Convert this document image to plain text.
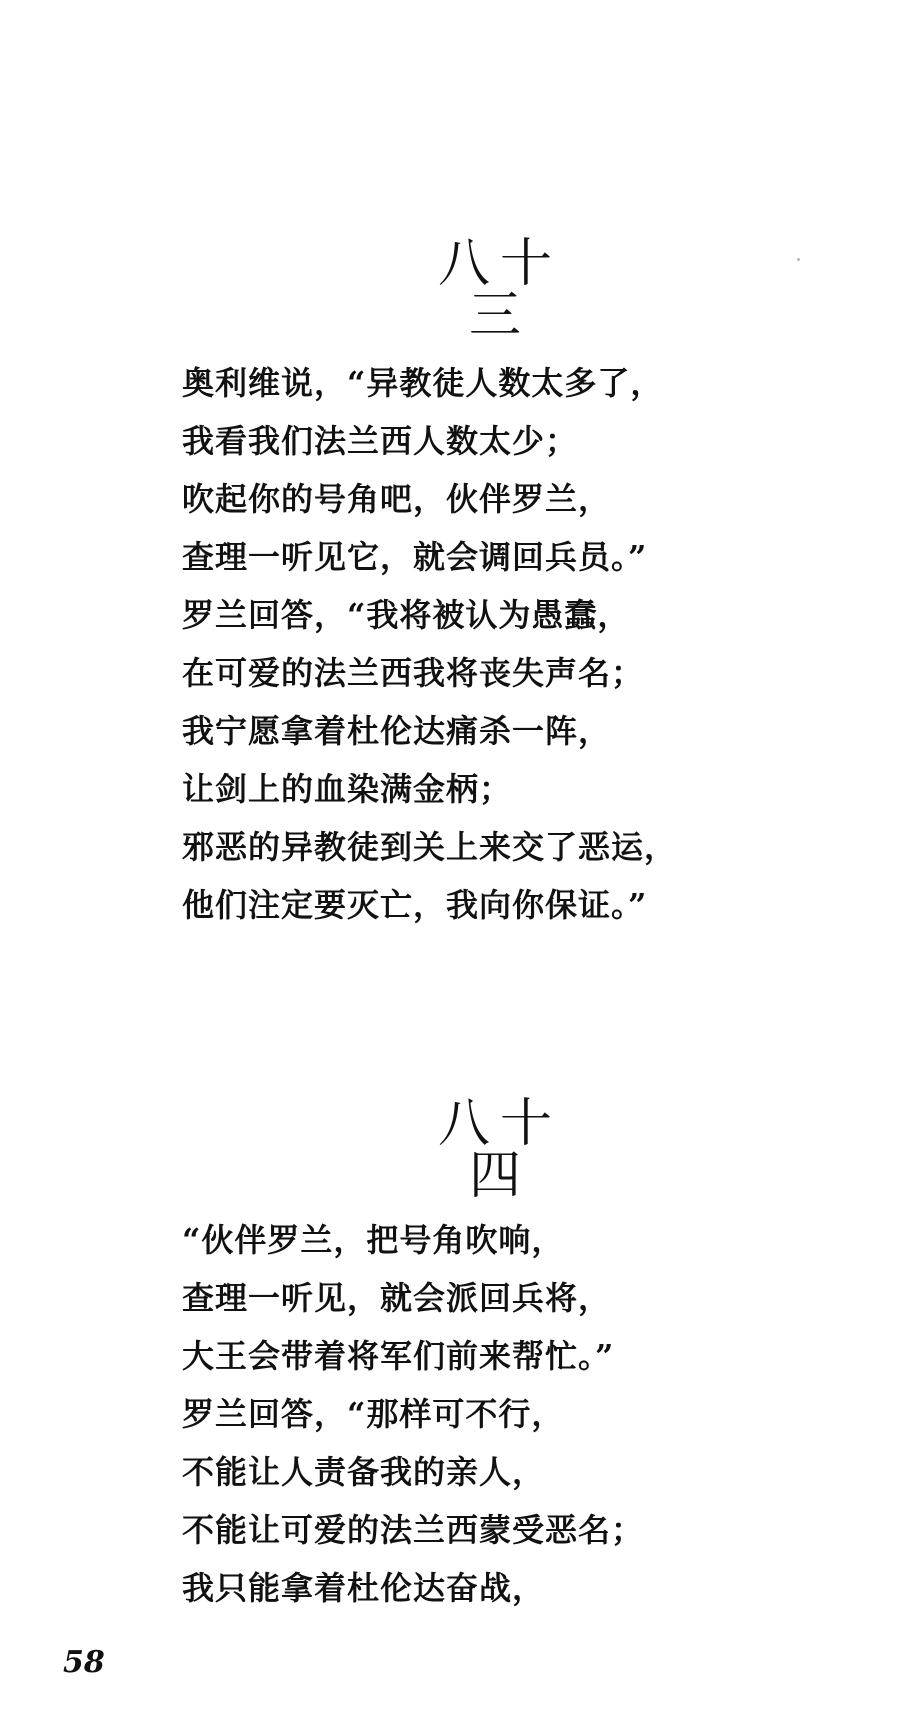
八十三
奥利维说，“异教徒人数太多了，
我看我们法兰西人数太少；
吹起你的号角吧，伙伴罗兰，
查理一听见它，就会调回兵员。”
罗兰回答，“我将被认为愚蠢，
在可爱的法兰西我将丧失声名；
我宁愿拿着杜伦达痛杀一阵，
让剑上的血染满金柄；
邪恶的异教徒到关上来交了恶运，
他们注定要灭亡，我向你保证。”
八十四
“伙伴罗兰，把号角吹响，
查理一听见，就会派回兵将，
大王会带着将军们前来帮忙。”
罗兰回答，“那样可不行，
不能让人责备我的亲人，
不能让可爱的法兰西蒙受恶名；
我只能拿着杜伦达奋战，
58
